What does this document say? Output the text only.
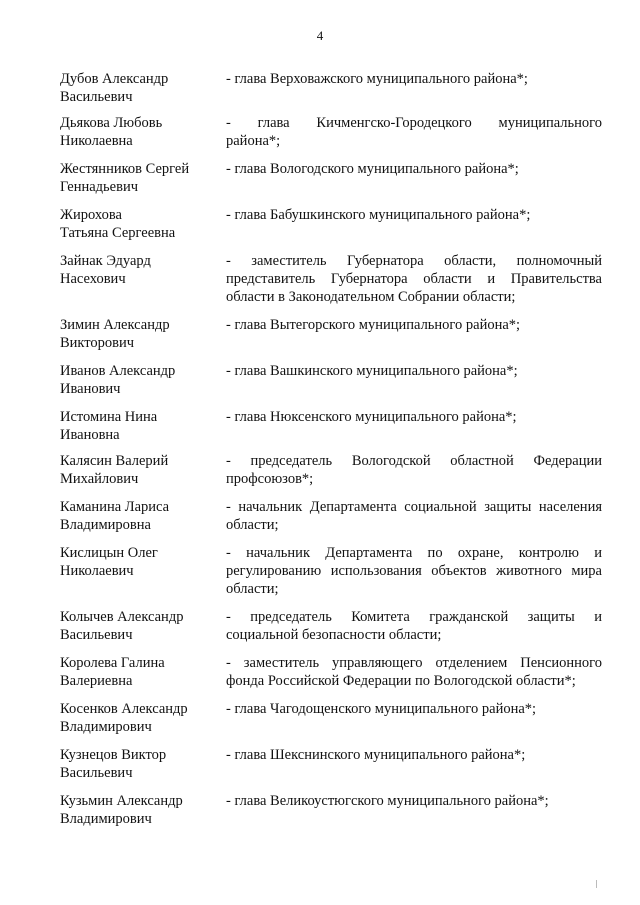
4
Дубов Александр
Васильевич
- глава Верховажского муниципального района*;
Дьякова Любовь
Николаевна
- глава Кичменгско-Городецкого муниципального
района*;
Жестянников Сергей
Геннадьевич
- глава Вологодского муниципального района*;
Жирохова
Татьяна Сергеевна
- глава Бабушкинского муниципального района*;
Зайнак Эдуард
Насехович
- заместитель Губернатора области, полномочный
представитель Губернатора области и Правительства
области в Законодательном Собрании области;
Зимин Александр
Викторович
- глава Вытегорского муниципального района*;
Иванов Александр
Иванович
- глава Вашкинского муниципального района*;
Истомина Нина
Ивановна
- глава Нюксенского муниципального района*;
Калясин Валерий
Михайлович
- председатель Вологодской областной Федерации
профсоюзов*;
Каманина Лариса
Владимировна
- начальник Департамента социальной защиты населения
области;
Кислицын Олег
Николаевич
- начальник Департамента по охране, контролю и
регулированию использования объектов животного мира
области;
Колычев Александр
Васильевич
- председатель Комитета гражданской защиты и
социальной безопасности области;
Королева Галина
Валериевна
- заместитель управляющего отделением Пенсионного
фонда Российской Федерации по Вологодской области*;
Косенков Александр
Владимирович
- глава Чагодощенского муниципального района*;
Кузнецов Виктор
Васильевич
- глава Шекснинского муниципального района*;
Кузьмин Александр
Владимирович
- глава Великоустюгского муниципального района*;
